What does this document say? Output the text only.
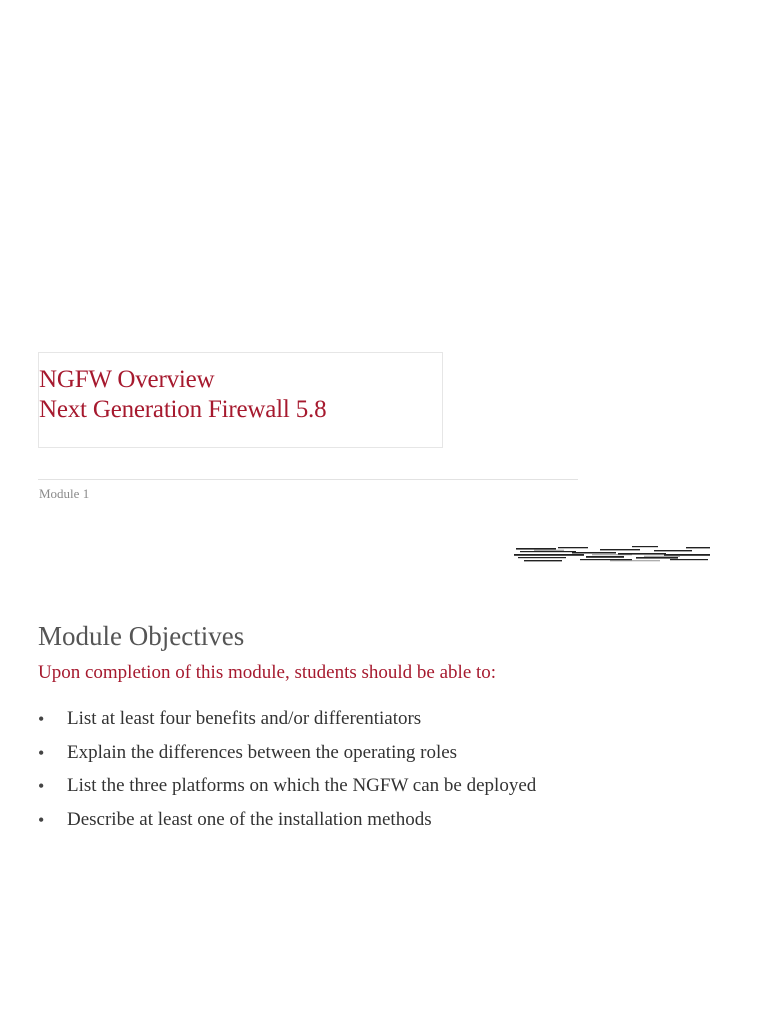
NGFW Overview
Next Generation Firewall 5.8
Module 1
Module Objectives
Upon completion of this module, students should be able to:
• List at least four benefits and/or differentiators
• Explain the differences between the operating roles
• List the three platforms on which the NGFW can be deployed
• Describe at least one of the installation methods
